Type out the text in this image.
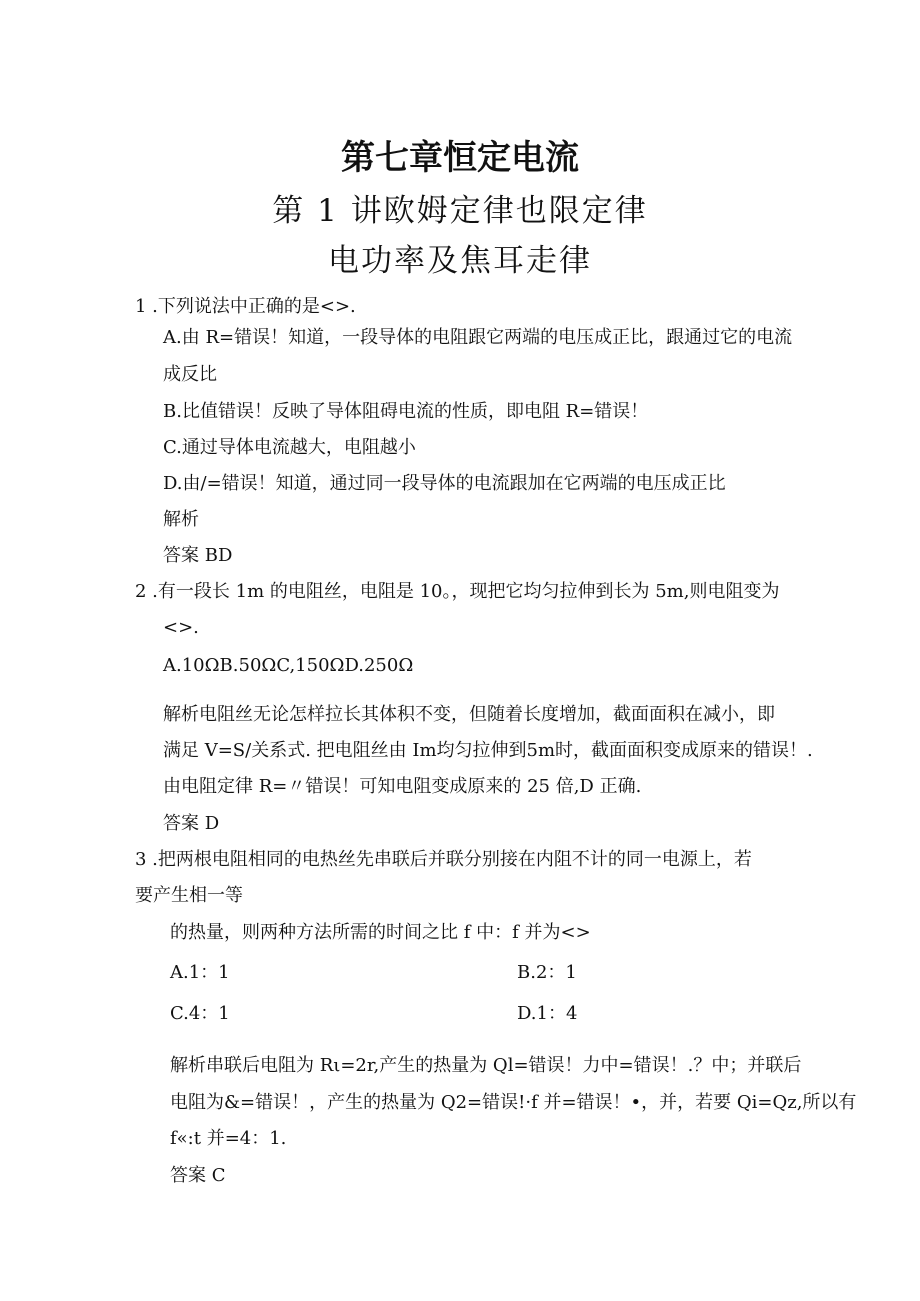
第七章恒定电流
第 1 讲欧姆定律也限定律
电功率及焦耳走律
1 .下列说法中正确的是<>.
A.由 R=错误！知道，一段导体的电阻跟它两端的电压成正比，跟通过它的电流
成反比
B.比值错误！反映了导体阻碍电流的性质，即电阻 R=错误！
C.通过导体电流越大，电阻越小
D.由/=错误！知道，通过同一段导体的电流跟加在它两端的电压成正比
解析
答案 BD
2 .有一段长 1m 的电阻丝，电阻是 10。，现把它均匀拉伸到长为 5m,则电阻变为
<>.
A.10ΩB.50ΩC,150ΩD.250Ω
解析电阻丝无论怎样拉长其体积不变，但随着长度增加，截面面积在减小，即
满足 V=S/关系式. 把电阻丝由 Im均匀拉伸到5m时，截面面积变成原来的错误！.
由电阻定律 R=〃错误！可知电阻变成原来的 25 倍,D 正确.
答案 D
3 .把两根电阻相同的电热丝先串联后并联分别接在内阻不计的同一电源上，若
要产生相一等
的热量，则两种方法所需的时间之比 f 中：f 并为<>
A.1：1	B.2：1
C.4：1	D.1：4
解析串联后电阻为 Rι=2r,产生的热量为 Ql=错误！力中=错误！.？中；并联后
电阻为&=错误！，产生的热量为 Q2=错误!·f 并=错误！•，并，若要 Qi=Qz,所以有
f«:t 并=4：1.
答案 C
